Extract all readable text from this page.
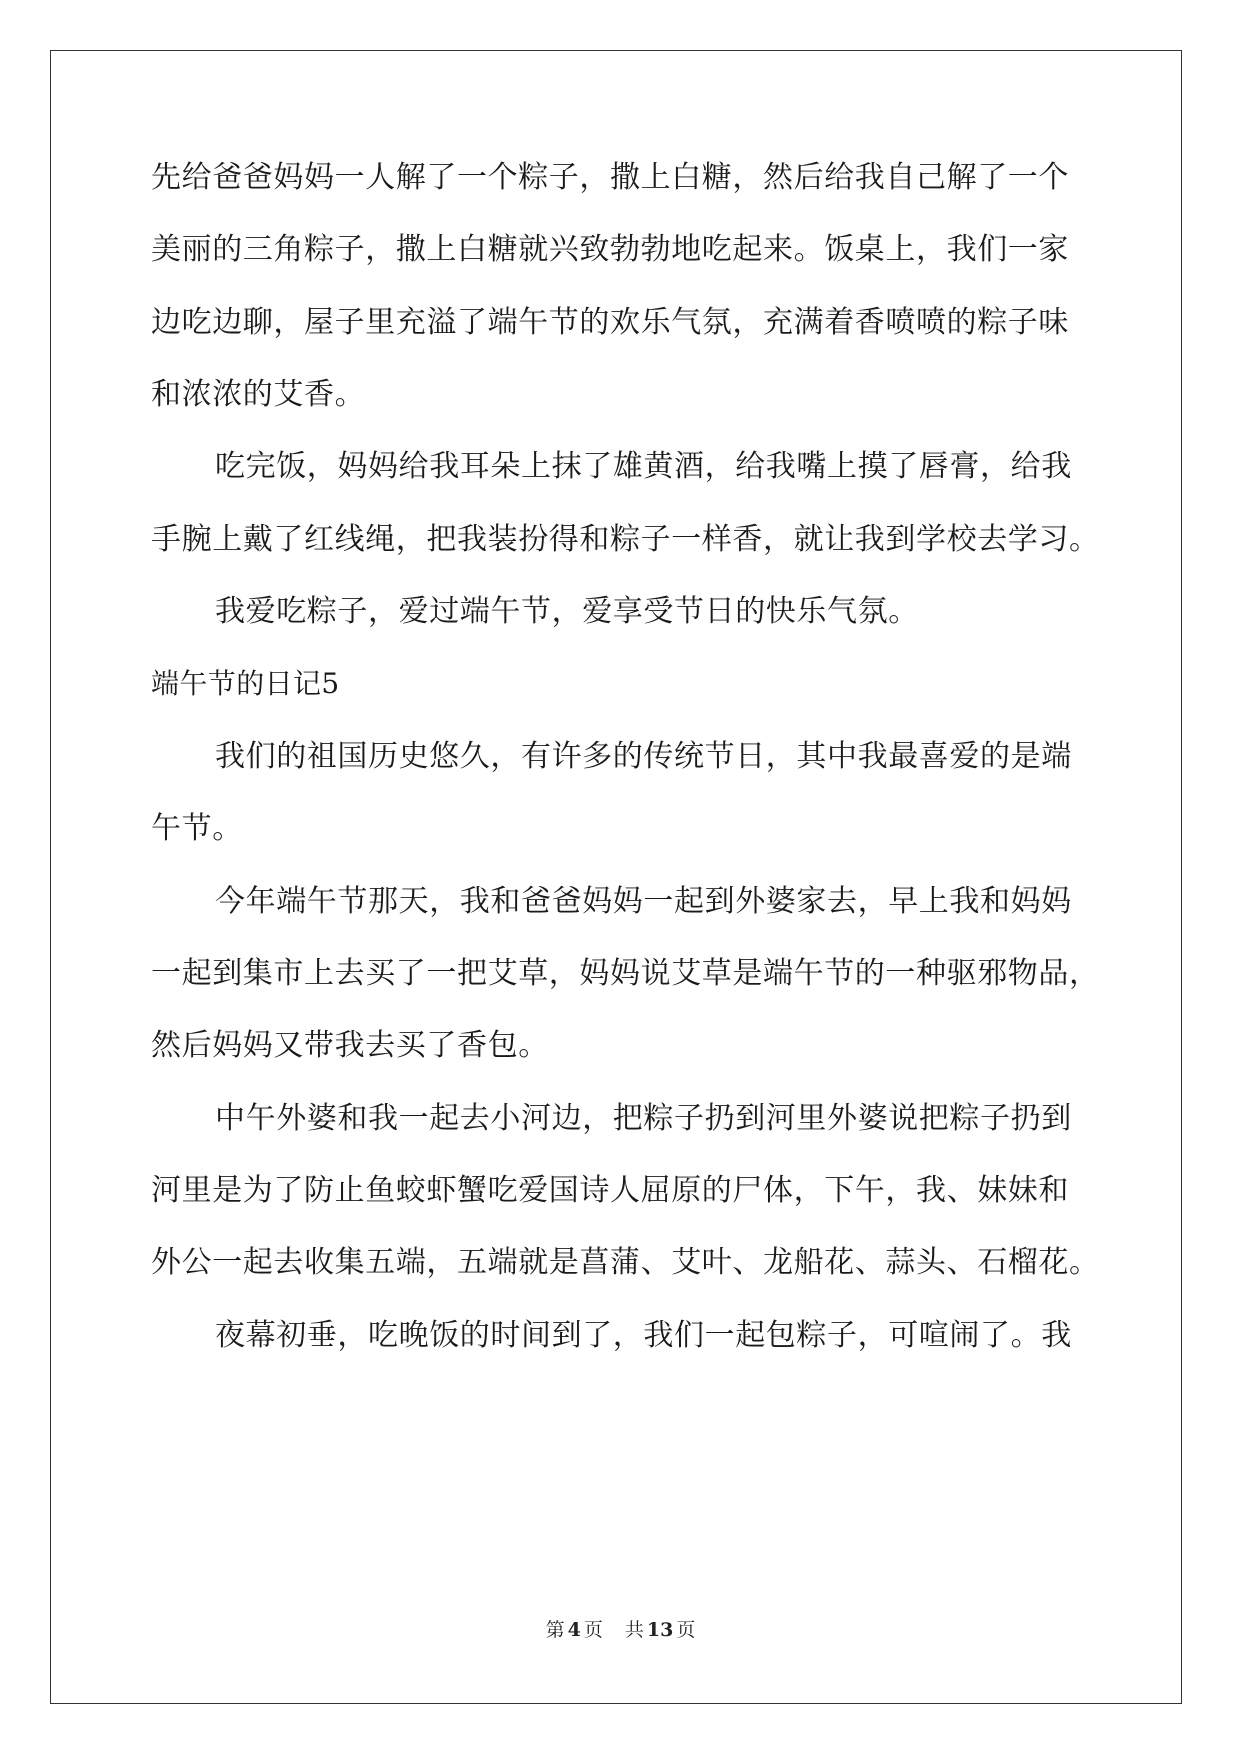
先给爸爸妈妈一人解了一个粽子，撒上白糖，然后给我自己解了一个
美丽的三角粽子，撒上白糖就兴致勃勃地吃起来。饭桌上，我们一家
边吃边聊，屋子里充溢了端午节的欢乐气氛，充满着香喷喷的粽子味
和浓浓的艾香。
吃完饭，妈妈给我耳朵上抹了雄黄酒，给我嘴上摸了唇膏，给我
手腕上戴了红线绳，把我装扮得和粽子一样香，就让我到学校去学习。
我爱吃粽子，爱过端午节，爱享受节日的快乐气氛。
端午节的日记5
我们的祖国历史悠久，有许多的传统节日，其中我最喜爱的是端
午节。
今年端午节那天，我和爸爸妈妈一起到外婆家去，早上我和妈妈
一起到集市上去买了一把艾草，妈妈说艾草是端午节的一种驱邪物品，
然后妈妈又带我去买了香包。
中午外婆和我一起去小河边，把粽子扔到河里外婆说把粽子扔到
河里是为了防止鱼蛟虾蟹吃爱国诗人屈原的尸体，下午，我、妹妹和
外公一起去收集五端，五端就是菖蒲、艾叶、龙船花、蒜头、石榴花。
夜幕初垂，吃晚饭的时间到了，我们一起包粽子，可喧闹了。我
第 4 页 共 13 页
